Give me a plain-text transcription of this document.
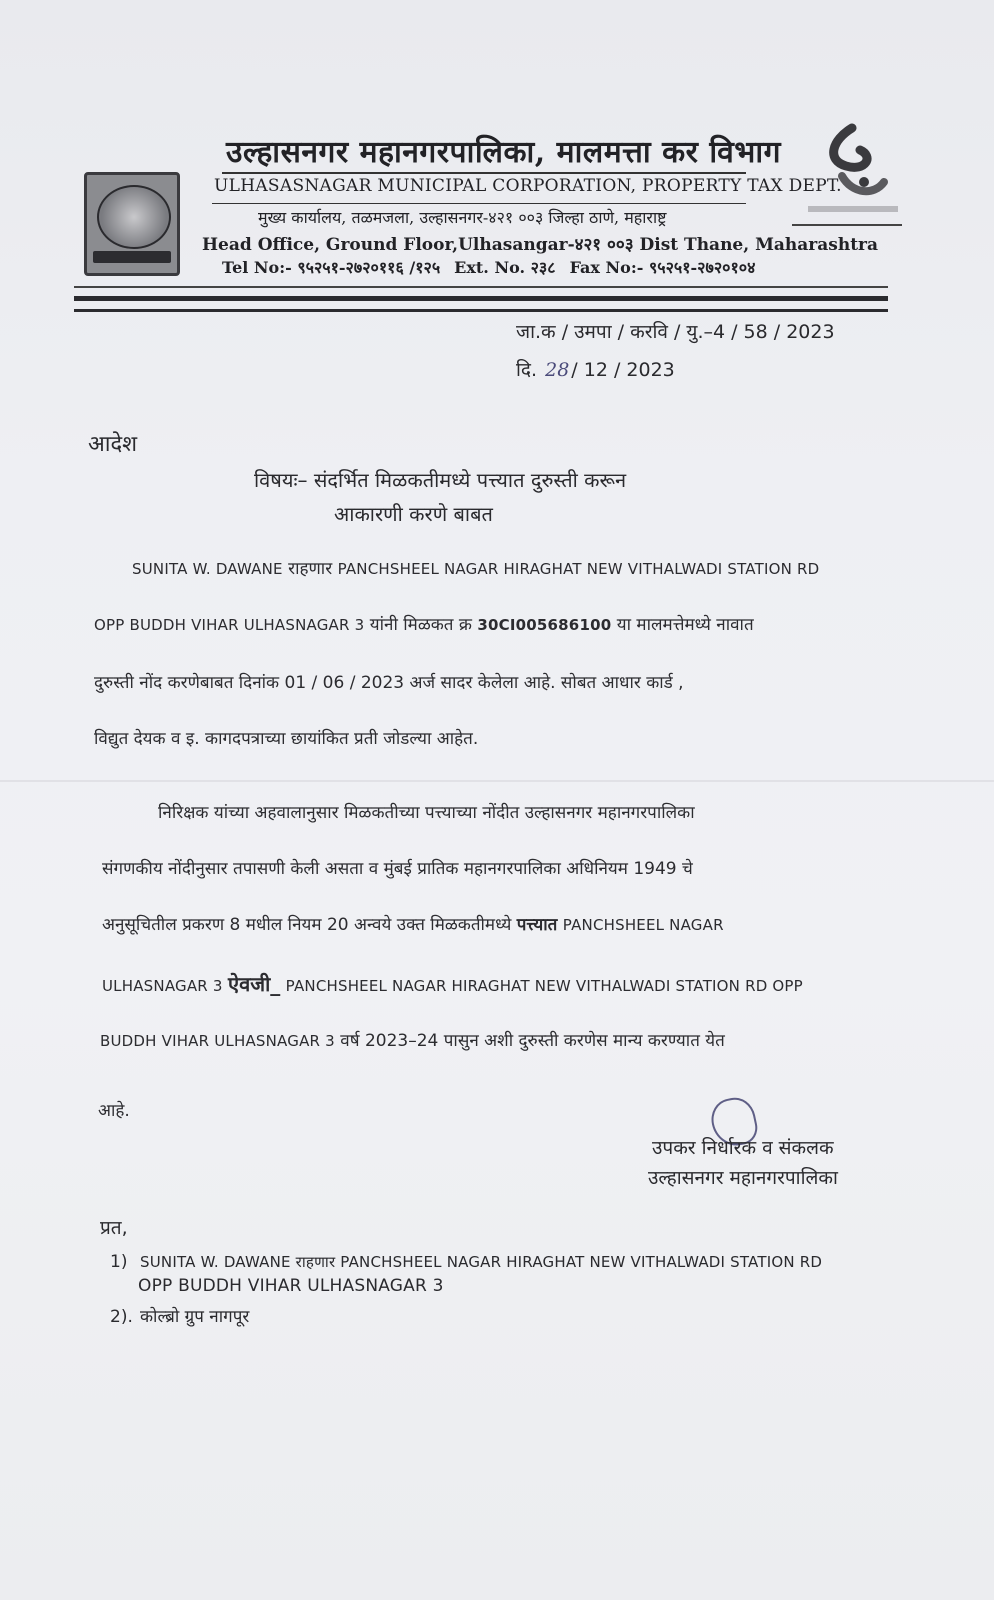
उल्हासनगर महानगरपालिका, मालमत्ता कर विभाग
ULHASASNAGAR MUNICIPAL CORPORATION, PROPERTY TAX DEPT.
मुख्य कार्यालय, तळमजला, उल्हासनगर-४२१ ००३ जिल्हा ठाणे, महाराष्ट्र
Head Office, Ground Floor,Ulhasangar-४२१ ००३ Dist Thane, Maharashtra
Tel No:- ९५२५१-२७२०११६ /१२५ Ext. No. २३८ Fax No:- ९५२५१-२७२०१०४
जा.क / उमपा / करवि / यु.–4 / 58 / 2023
दि. 28 / 12 / 2023
आदेश
विषयः– संदर्भित मिळकतीमध्ये पत्त्यात दुरुस्ती करून
आकारणी करणे बाबत
SUNITA W. DAWANE राहणार PANCHSHEEL NAGAR HIRAGHAT NEW VITHALWADI STATION RD
OPP BUDDH VIHAR ULHASNAGAR 3 यांनी मिळकत क्र 30CI005686100 या मालमत्तेमध्ये नावात
दुरुस्ती नोंद करणेबाबत दिनांक 01 / 06 / 2023 अर्ज सादर केलेला आहे. सोबत आधार कार्ड ,
विद्युत देयक व इ. कागदपत्राच्या छायांकित प्रती जोडल्या आहेत.
निरिक्षक यांच्या अहवालानुसार मिळकतीच्या पत्त्याच्या नोंदीत उल्हासनगर महानगरपालिका
संगणकीय नोंदीनुसार तपासणी केली असता व मुंबई प्रातिक महानगरपालिका अधिनियम 1949 चे
अनुसूचितील प्रकरण 8 मधील नियम 20 अन्वये उक्त मिळकतीमध्ये पत्त्यात PANCHSHEEL NAGAR
ULHASNAGAR 3 ऐवजी_ PANCHSHEEL NAGAR HIRAGHAT NEW VITHALWADI STATION RD OPP
BUDDH VIHAR ULHASNAGAR 3 वर्ष 2023–24 पासुन अशी दुरुस्ती करणेस मान्य करण्यात येत
आहे.
उपकर निर्धारक व संकलक
उल्हासनगर महानगरपालिका
प्रत,
1) SUNITA W. DAWANE राहणार PANCHSHEEL NAGAR HIRAGHAT NEW VITHALWADI STATION RD
OPP BUDDH VIHAR ULHASNAGAR 3
2). कोल्ब्रो ग्रुप नागपूर
